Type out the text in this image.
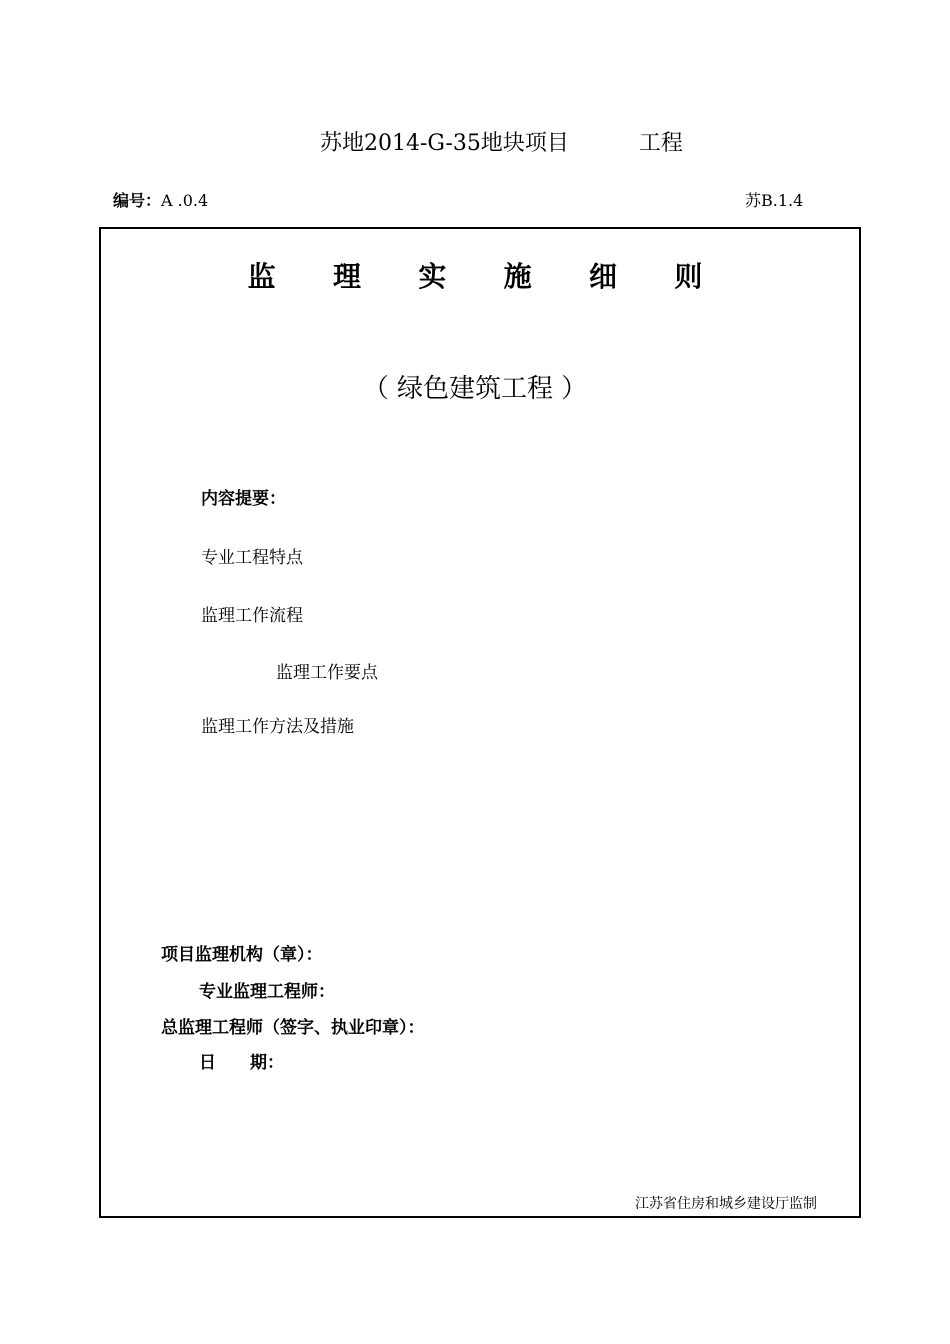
苏地2014-G-35地块项目	工程
编号：A .0.4	苏B.1.4
监 理 实 施 细 则
（ 绿色建筑工程 ）
内容提要：
专业工程特点
监理工作流程
监理工作要点
监理工作方法及措施
项目监理机构（章）：
专业监理工程师：
总监理工程师（签字、执业印章）：
日 期：
江苏省住房和城乡建设厅监制
